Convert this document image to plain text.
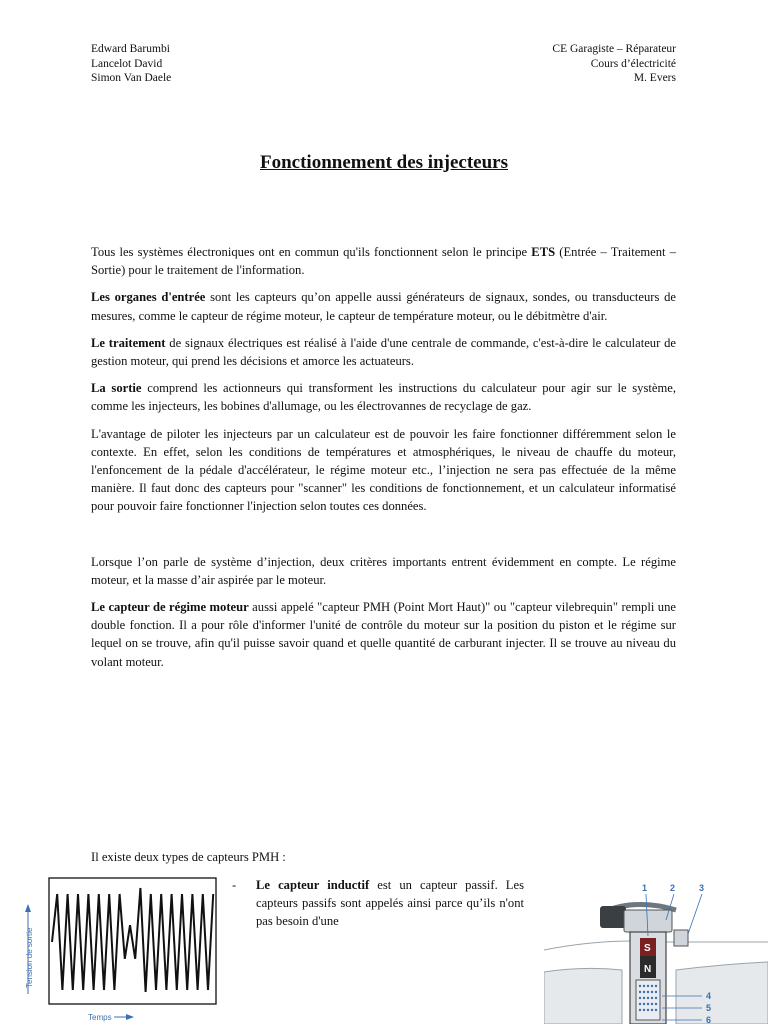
Edward Barumbi
Lancelot David
Simon Van Daele
CE Garagiste – Réparateur
Cours d’électricité
M. Evers
Fonctionnement des injecteurs

Tous les systèmes électroniques ont en commun qu'ils fonctionnent selon le principe ETS (Entrée – Traitement – Sortie) pour le traitement de l'information.

Les organes d'entrée sont les capteurs qu’on appelle aussi générateurs de signaux, sondes, ou transducteurs de mesures, comme le capteur de régime moteur, le capteur de température moteur, ou le débitmètre d'air.

Le traitement de signaux électriques est réalisé à l'aide d'une centrale de commande, c'est-à-dire le calculateur de gestion moteur, qui prend les décisions et amorce les actuateurs.

La sortie comprend les actionneurs qui transforment les instructions du calculateur pour agir sur le système, comme les injecteurs, les bobines d'allumage, ou les électrovannes de recyclage de gaz.

L'avantage de piloter les injecteurs par un calculateur est de pouvoir les faire fonctionner différemment selon le contexte. En effet, selon les conditions de températures et atmosphériques, le niveau de chauffe du moteur, l'enfoncement de la pédale d'accélérateur, le régime moteur etc., l’injection ne sera pas effectuée de la même manière. Il faut donc des capteurs pour "scanner" les conditions de fonctionnement, et un calculateur informatisé pour pouvoir faire fonctionner l'injection selon toutes ces données.

Lorsque l’on parle de système d’injection, deux critères importants entrent évidemment en compte. Le régime moteur, et la masse d’air aspirée par le moteur.

Le capteur de régime moteur aussi appelé "capteur PMH (Point Mort Haut)" ou "capteur vilebrequin" rempli une double fonction. Il a pour rôle d'informer l'unité de contrôle du moteur sur la position du piston et le régime sur lequel on se trouve, afin qu'il puisse savoir quand et quelle quantité de carburant injecter. Il se trouve au niveau du volant moteur.

Il existe deux types de capteurs PMH :
- Le capteur inductif est un capteur passif. Les capteurs passifs sont appelés ainsi parce qu’ils n'ont pas besoin d'une
Tension de sortie
Temps
S
N
1	2	3
4
5
6
